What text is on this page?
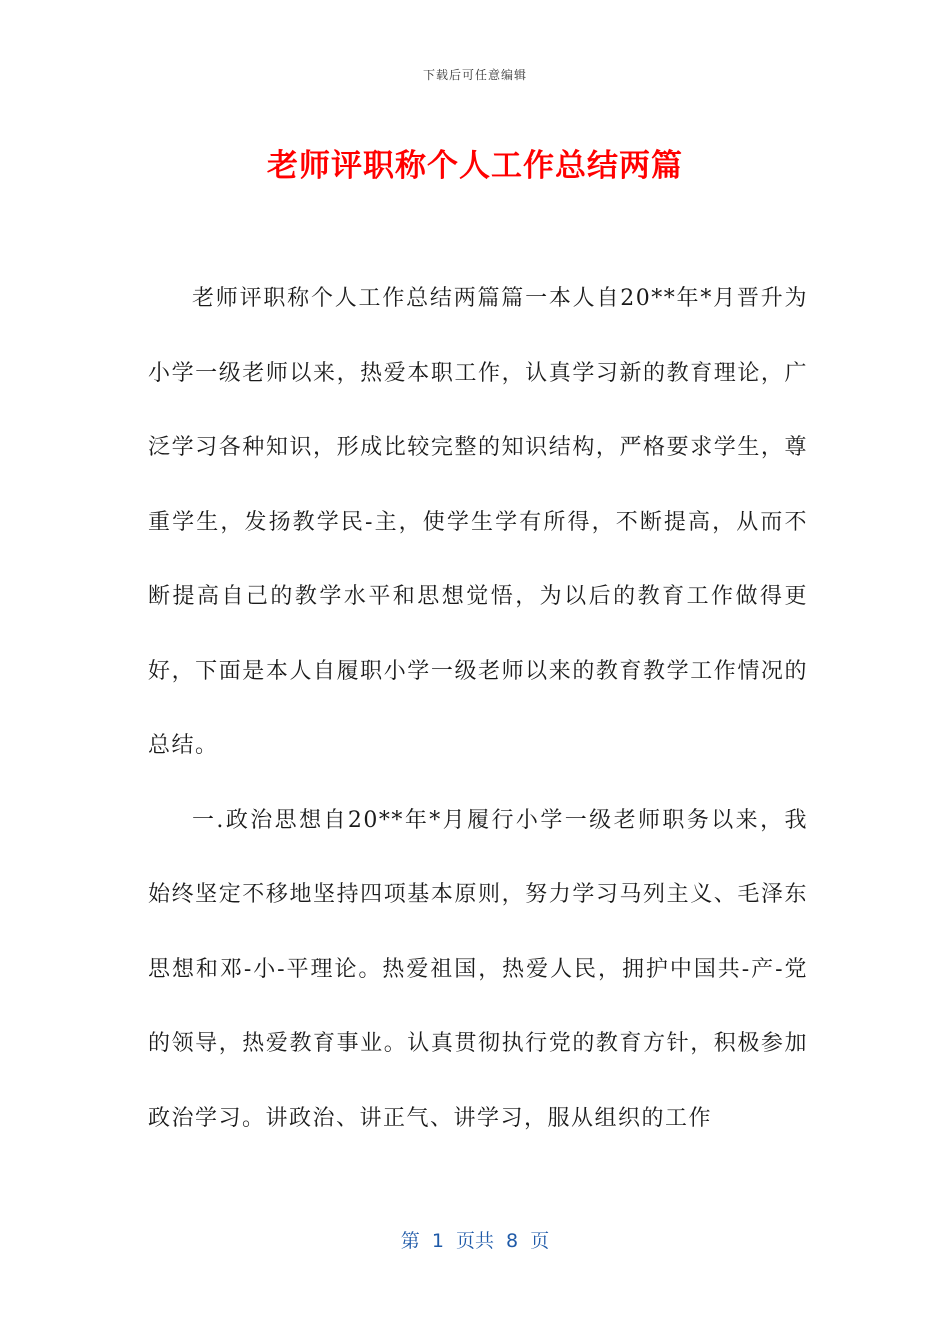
下载后可任意编辑
老师评职称个人工作总结两篇

老师评职称个人工作总结两篇篇一本人自20**年*月晋升为小学一级老师以来，热爱本职工作，认真学习新的教育理论，广泛学习各种知识，形成比较完整的知识结构，严格要求学生，尊重学生，发扬教学民-主，使学生学有所得，不断提高，从而不断提高自己的教学水平和思想觉悟，为以后的教育工作做得更好，下面是本人自履职小学一级老师以来的教育教学工作情况的总结。

一.政治思想自20**年*月履行小学一级老师职务以来，我始终坚定不移地坚持四项基本原则，努力学习马列主义、毛泽东思想和邓-小-平理论。热爱祖国，热爱人民，拥护中国共-产-党的领导，热爱教育事业。认真贯彻执行党的教育方针，积极参加政治学习。讲政治、讲正气、讲学习，服从组织的工作

第 1 页共 8 页
